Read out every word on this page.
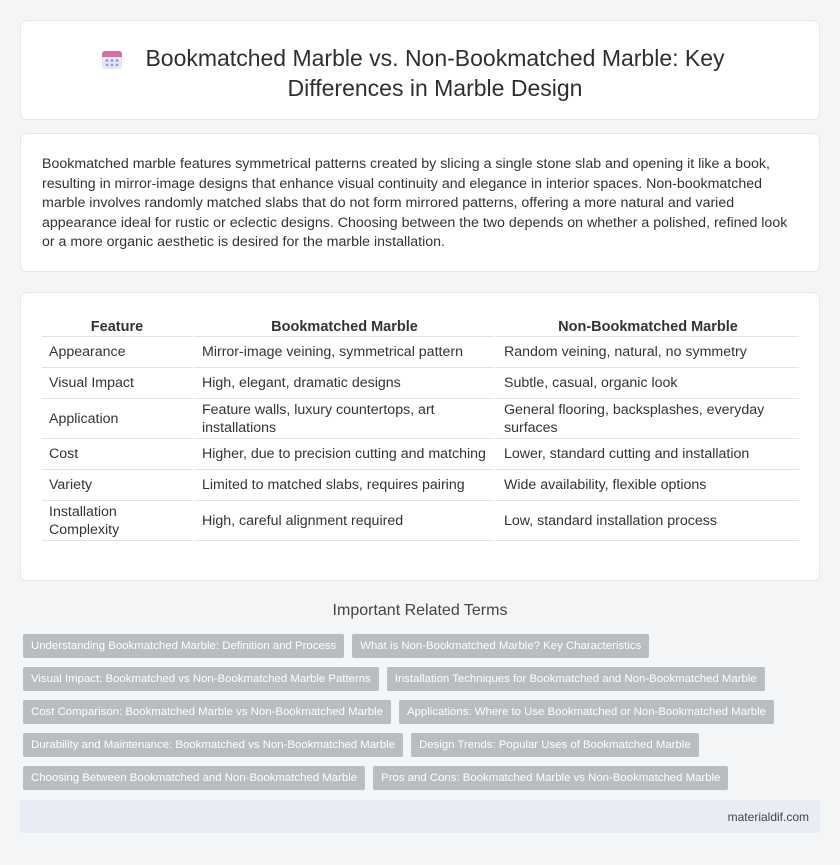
Bookmatched Marble vs. Non-Bookmatched Marble: Key Differences in Marble Design

Bookmatched marble features symmetrical patterns created by slicing a single stone slab and opening it like a book, resulting in mirror-image designs that enhance visual continuity and elegance in interior spaces. Non-bookmatched marble involves randomly matched slabs that do not form mirrored patterns, offering a more natural and varied appearance ideal for rustic or eclectic designs. Choosing between the two depends on whether a polished, refined look or a more organic aesthetic is desired for the marble installation.

Feature	Bookmatched Marble	Non-Bookmatched Marble
Appearance	Mirror-image veining, symmetrical pattern	Random veining, natural, no symmetry
Visual Impact	High, elegant, dramatic designs	Subtle, casual, organic look
Application	Feature walls, luxury countertops, art installations	General flooring, backsplashes, everyday surfaces
Cost	Higher, due to precision cutting and matching	Lower, standard cutting and installation
Variety	Limited to matched slabs, requires pairing	Wide availability, flexible options
Installation Complexity	High, careful alignment required	Low, standard installation process
Important Related Terms
Understanding Bookmatched Marble: Definition and Process	What is Non-Bookmatched Marble? Key Characteristics
Visual Impact: Bookmatched vs Non-Bookmatched Marble Patterns	Installation Techniques for Bookmatched and Non-Bookmatched Marble
Cost Comparison: Bookmatched Marble vs Non-Bookmatched Marble	Applications: Where to Use Bookmatched or Non-Bookmatched Marble
Durability and Maintenance: Bookmatched vs Non-Bookmatched Marble	Design Trends: Popular Uses of Bookmatched Marble
Choosing Between Bookmatched and Non-Bookmatched Marble	Pros and Cons: Bookmatched Marble vs Non-Bookmatched Marble
materialdif.com
